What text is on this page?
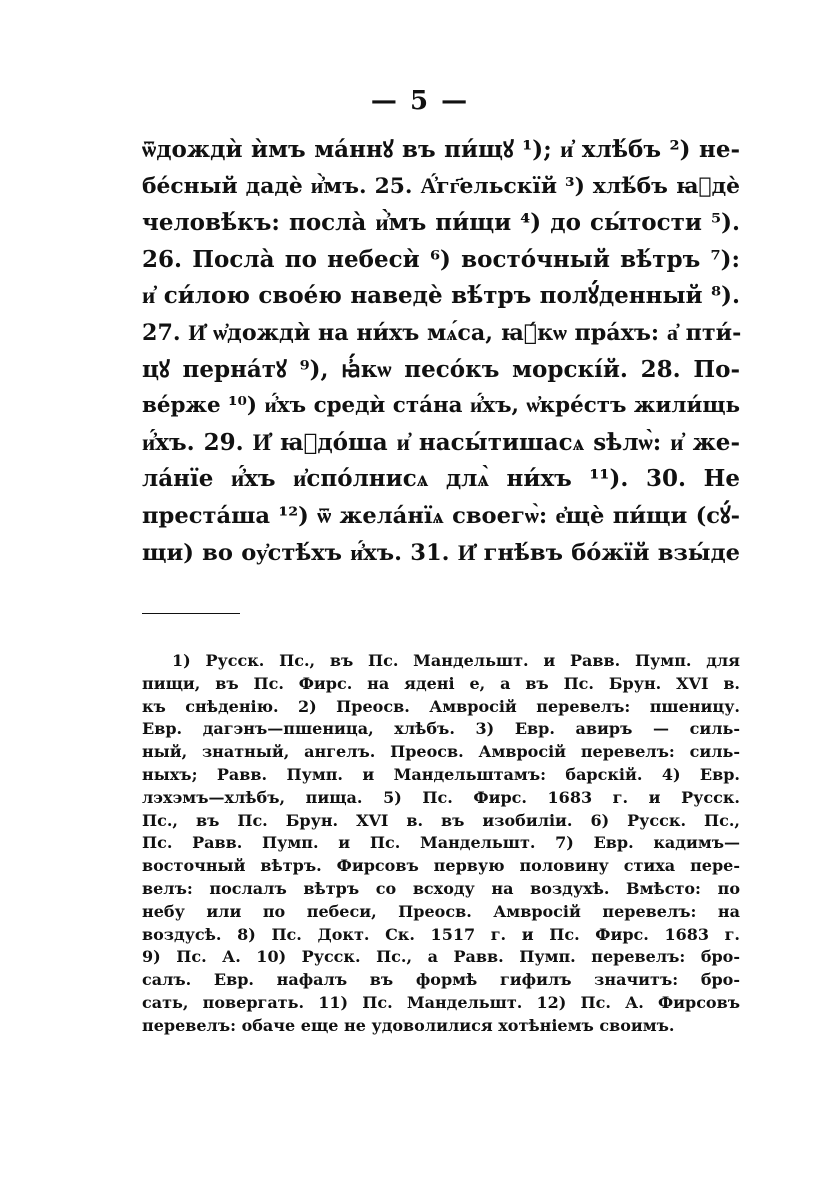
— 5 —
ѿдождѝ ѝмъ ма́ннꙋ въ пи́щꙋ ¹); и҆ хлѣ́бъ ²) не-
бе́сный дадѐ и҆̀мъ. 25. А҆́гг҃ельскїй ³) хлѣ́бъ ꙗ҆дѐ
человѣ́къ: посла̀ и҆̀мъ пи́щи ⁴) до сы́тости ⁵).
26. Посла̀ по небесѝ ⁶) восто́чный вѣ́тръ ⁷):
и҆ си́лою свое́ю наведѐ вѣ́тръ полꙋ́денный ⁸).
27. И҆ ѡ҆дождѝ на ни́хъ мѧ́са, ꙗ҆́кѡ пра́хъ: а҆ пти́-
цꙋ перна́тꙋ ⁹), ꙗ҆́кѡ песо́къ морскі́й. 28. По-
ве́рже ¹⁰) и҆́хъ средѝ ста́на и҆́хъ, ѡ҆кре́стъ жили́щь
и҆́хъ. 29. И҆ ꙗ҆до́ша и҆ насы́тишасѧ ѕѣлѡ̀: и҆ же-
ла́нїе и҆́хъ и҆спо́лнисѧ длѧ̀ ни́хъ ¹¹). 30. Не
преста́ша ¹²) ѿ жела́нїѧ своегѡ̀: е҆щѐ пи́щи (сꙋ́-
щи) во оу҆стѣ́хъ и҆́хъ. 31. И҆ гнѣ́въ бо́жїй взы́де
1) Русск. Пс., въ Пс. Мандельшт. и Равв. Пумп. для
пищи, въ Пс. Фирс. на ядені е, а въ Пс. Брун. XVI в.
къ снѣденію. 2) Преосв. Амвросій перевелъ: пшеницу.
Евр. дагэнъ—пшеница, хлѣбъ. 3) Евр. авиръ — силь-
ный, знатный, ангелъ. Преосв. Амвросій перевелъ: силь-
ныхъ; Равв. Пумп. и Мандельштамъ: барскій. 4) Евр.
лэхэмъ—хлѣбъ, пища. 5) Пс. Фирс. 1683 г. и Русск.
Пс., въ Пс. Брун. XVI в. въ изобиліи. 6) Русск. Пс.,
Пс. Равв. Пумп. и Пс. Мандельшт. 7) Евр. кадимъ—
восточный вѣтръ. Фирсовъ первую половину стиха пере-
велъ: послалъ вѣтръ со всходу на воздухѣ. Вмѣсто: по
небу или по пебеси, Преосв. Амвросій перевелъ: на
воздусѣ. 8) Пс. Докт. Ск. 1517 г. и Пс. Фирс. 1683 г.
9) Пс. А. 10) Русск. Пс., а Равв. Пумп. перевелъ: бро-
салъ. Евр. нафалъ въ формѣ гифилъ значитъ: бро-
сать, повергать. 11) Пс. Мандельшт. 12) Пс. А. Фирсовъ
перевелъ: обаче еще не удоволилися хотѣніемъ своимъ.
